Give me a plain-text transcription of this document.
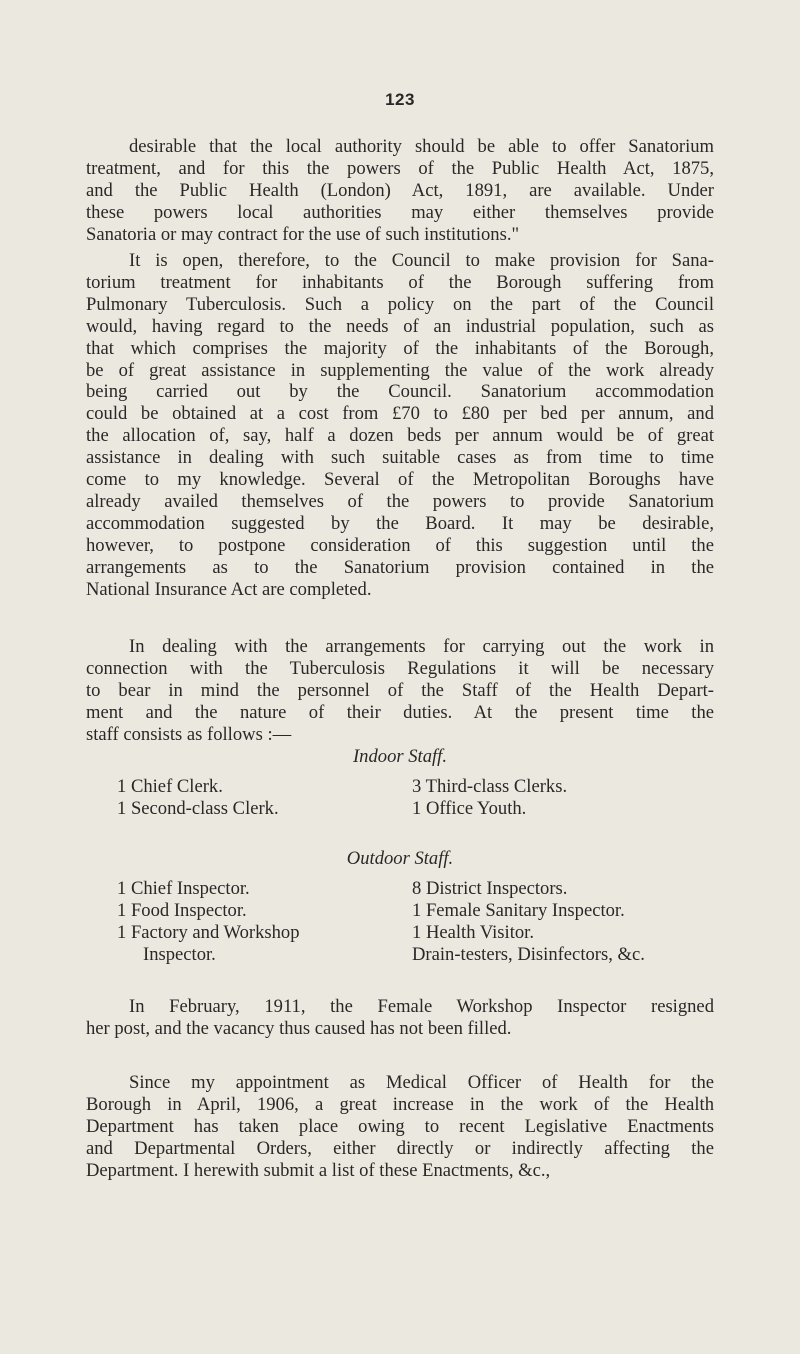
123

desirable that the local authority should be able to offer Sanatorium
treatment, and for this the powers of the Public Health Act, 1875,
and the Public Health (London) Act, 1891, are available. Under
these powers local authorities may either themselves provide
Sanatoria or may contract for the use of such institutions."

It is open, therefore, to the Council to make provision for Sana-
torium treatment for inhabitants of the Borough suffering from
Pulmonary Tuberculosis. Such a policy on the part of the Council
would, having regard to the needs of an industrial population, such as
that which comprises the majority of the inhabitants of the Borough,
be of great assistance in supplementing the value of the work already
being carried out by the Council. Sanatorium accommodation
could be obtained at a cost from £70 to £80 per bed per annum, and
the allocation of, say, half a dozen beds per annum would be of great
assistance in dealing with such suitable cases as from time to time
come to my knowledge. Several of the Metropolitan Boroughs have
already availed themselves of the powers to provide Sanatorium
accommodation suggested by the Board. It may be desirable,
however, to postpone consideration of this suggestion until the
arrangements as to the Sanatorium provision contained in the
National Insurance Act are completed.

In dealing with the arrangements for carrying out the work in
connection with the Tuberculosis Regulations it will be necessary
to bear in mind the personnel of the Staff of the Health Depart-
ment and the nature of their duties. At the present time the
staff consists as follows :—

Indoor Staff.
1 Chief Clerk.
1 Second-class Clerk.
3 Third-class Clerks.
1 Office Youth.
Outdoor Staff.
1 Chief Inspector.
1 Food Inspector.
1 Factory and Workshop
Inspector.
8 District Inspectors.
1 Female Sanitary Inspector.
1 Health Visitor.
Drain-testers, Disinfectors, &c.

In February, 1911, the Female Workshop Inspector resigned
her post, and the vacancy thus caused has not been filled.

Since my appointment as Medical Officer of Health for the
Borough in April, 1906, a great increase in the work of the Health
Department has taken place owing to recent Legislative Enactments
and Departmental Orders, either directly or indirectly affecting the
Department. I herewith submit a list of these Enactments, &c.,
